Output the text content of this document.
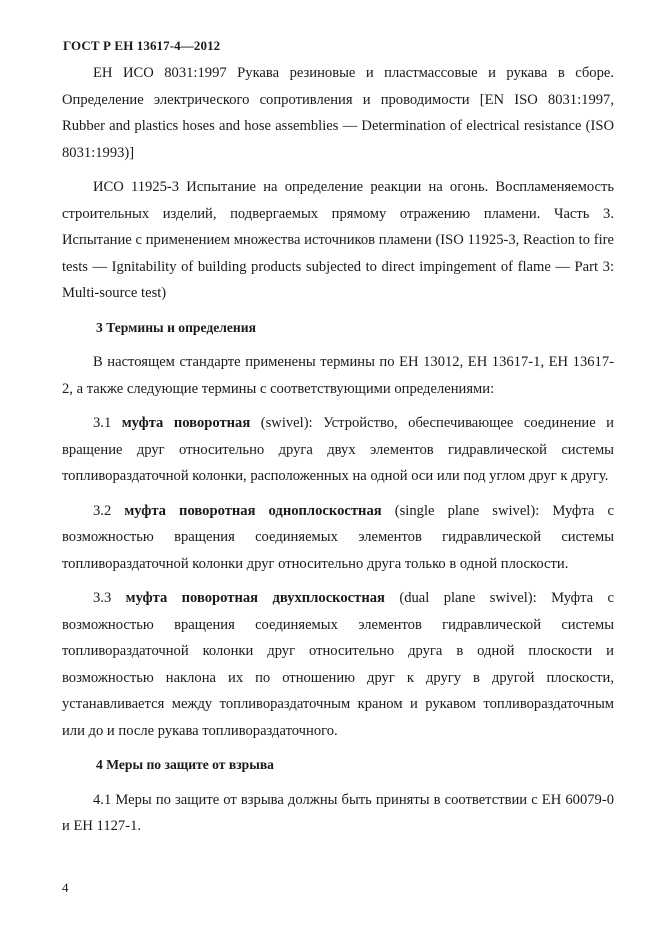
ГОСТ Р ЕН 13617-4—2012

ЕН ИСО 8031:1997 Рукава резиновые и пластмассовые и рукава в сборе. Определение электрического сопротивления и проводимости [EN ISO 8031:1997, Rubber and plastics hoses and hose assemblies — Determination of electrical resistance (ISO 8031:1993)]

ИСО 11925-3 Испытание на определение реакции на огонь. Воспламеняемость строительных изделий, подвергаемых прямому отражению пламени. Часть 3. Испытание с применением множества источников пламени (ISO 11925-3, Reaction to fire tests — Ignitability of building products subjected to direct impingement of flame — Part 3: Multi-source test)

3 Термины и определения

В настоящем стандарте применены термины по ЕН 13012, ЕН 13617-1, ЕН 13617-2, а также следующие термины с соответствующими определениями:

3.1 муфта поворотная (swivel): Устройство, обеспечивающее соединение и вращение друг относительно друга двух элементов гидравлической системы топливораздаточной колонки, расположенных на одной оси или под углом друг к другу.

3.2 муфта поворотная одноплоскостная (single plane swivel): Муфта с возможностью вращения соединяемых элементов гидравлической системы топливораздаточной колонки друг относительно друга только в одной плоскости.

3.3 муфта поворотная двухплоскостная (dual plane swivel): Муфта с возможностью вращения соединяемых элементов гидравлической системы топливораздаточной колонки друг относительно друга в одной плоскости и возможностью наклона их по отношению друг к другу в другой плоскости, устанавливается между топливораздаточным краном и рукавом топливораздаточным или до и после рукава топливораздаточного.

4 Меры по защите от взрыва

4.1 Меры по защите от взрыва должны быть приняты в соответствии с ЕН 60079-0 и ЕН 1127-1.

4
